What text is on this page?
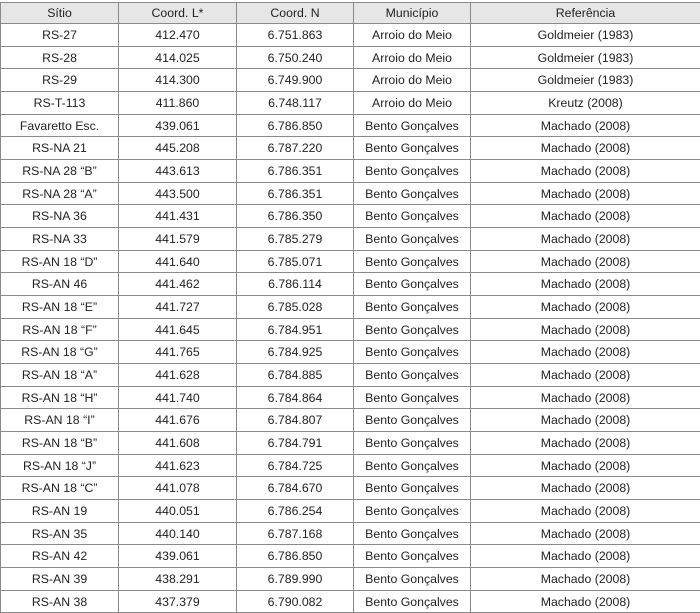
Sítio	Coord. L*	Coord. N	Município	Referência
RS-27	412.470	6.751.863	Arroio do Meio	Goldmeier (1983)
RS-28	414.025	6.750.240	Arroio do Meio	Goldmeier (1983)
RS-29	414.300	6.749.900	Arroio do Meio	Goldmeier (1983)
RS-T-113	411.860	6.748.117	Arroio do Meio	Kreutz (2008)
Favaretto Esc.	439.061	6.786.850	Bento Gonçalves	Machado (2008)
RS-NA 21	445.208	6.787.220	Bento Gonçalves	Machado (2008)
RS-NA 28 “B”	443.613	6.786.351	Bento Gonçalves	Machado (2008)
RS-NA 28 “A”	443.500	6.786.351	Bento Gonçalves	Machado (2008)
RS-NA 36	441.431	6.786.350	Bento Gonçalves	Machado (2008)
RS-NA 33	441.579	6.785.279	Bento Gonçalves	Machado (2008)
RS-AN 18 “D”	441.640	6.785.071	Bento Gonçalves	Machado (2008)
RS-AN 46	441.462	6.786.114	Bento Gonçalves	Machado (2008)
RS-AN 18 “E”	441.727	6.785.028	Bento Gonçalves	Machado (2008)
RS-AN 18 “F”	441.645	6.784.951	Bento Gonçalves	Machado (2008)
RS-AN 18 “G”	441.765	6.784.925	Bento Gonçalves	Machado (2008)
RS-AN 18 “A”	441.628	6.784.885	Bento Gonçalves	Machado (2008)
RS-AN 18 “H”	441.740	6.784.864	Bento Gonçalves	Machado (2008)
RS-AN 18 “I”	441.676	6.784.807	Bento Gonçalves	Machado (2008)
RS-AN 18 “B”	441.608	6.784.791	Bento Gonçalves	Machado (2008)
RS-AN 18 “J”	441.623	6.784.725	Bento Gonçalves	Machado (2008)
RS-AN 18 “C”	441.078	6.784.670	Bento Gonçalves	Machado (2008)
RS-AN 19	440.051	6.786.254	Bento Gonçalves	Machado (2008)
RS-AN 35	440.140	6.787.168	Bento Gonçalves	Machado (2008)
RS-AN 42	439.061	6.786.850	Bento Gonçalves	Machado (2008)
RS-AN 39	438.291	6.789.990	Bento Gonçalves	Machado (2008)
RS-AN 38	437.379	6.790.082	Bento Gonçalves	Machado (2008)
